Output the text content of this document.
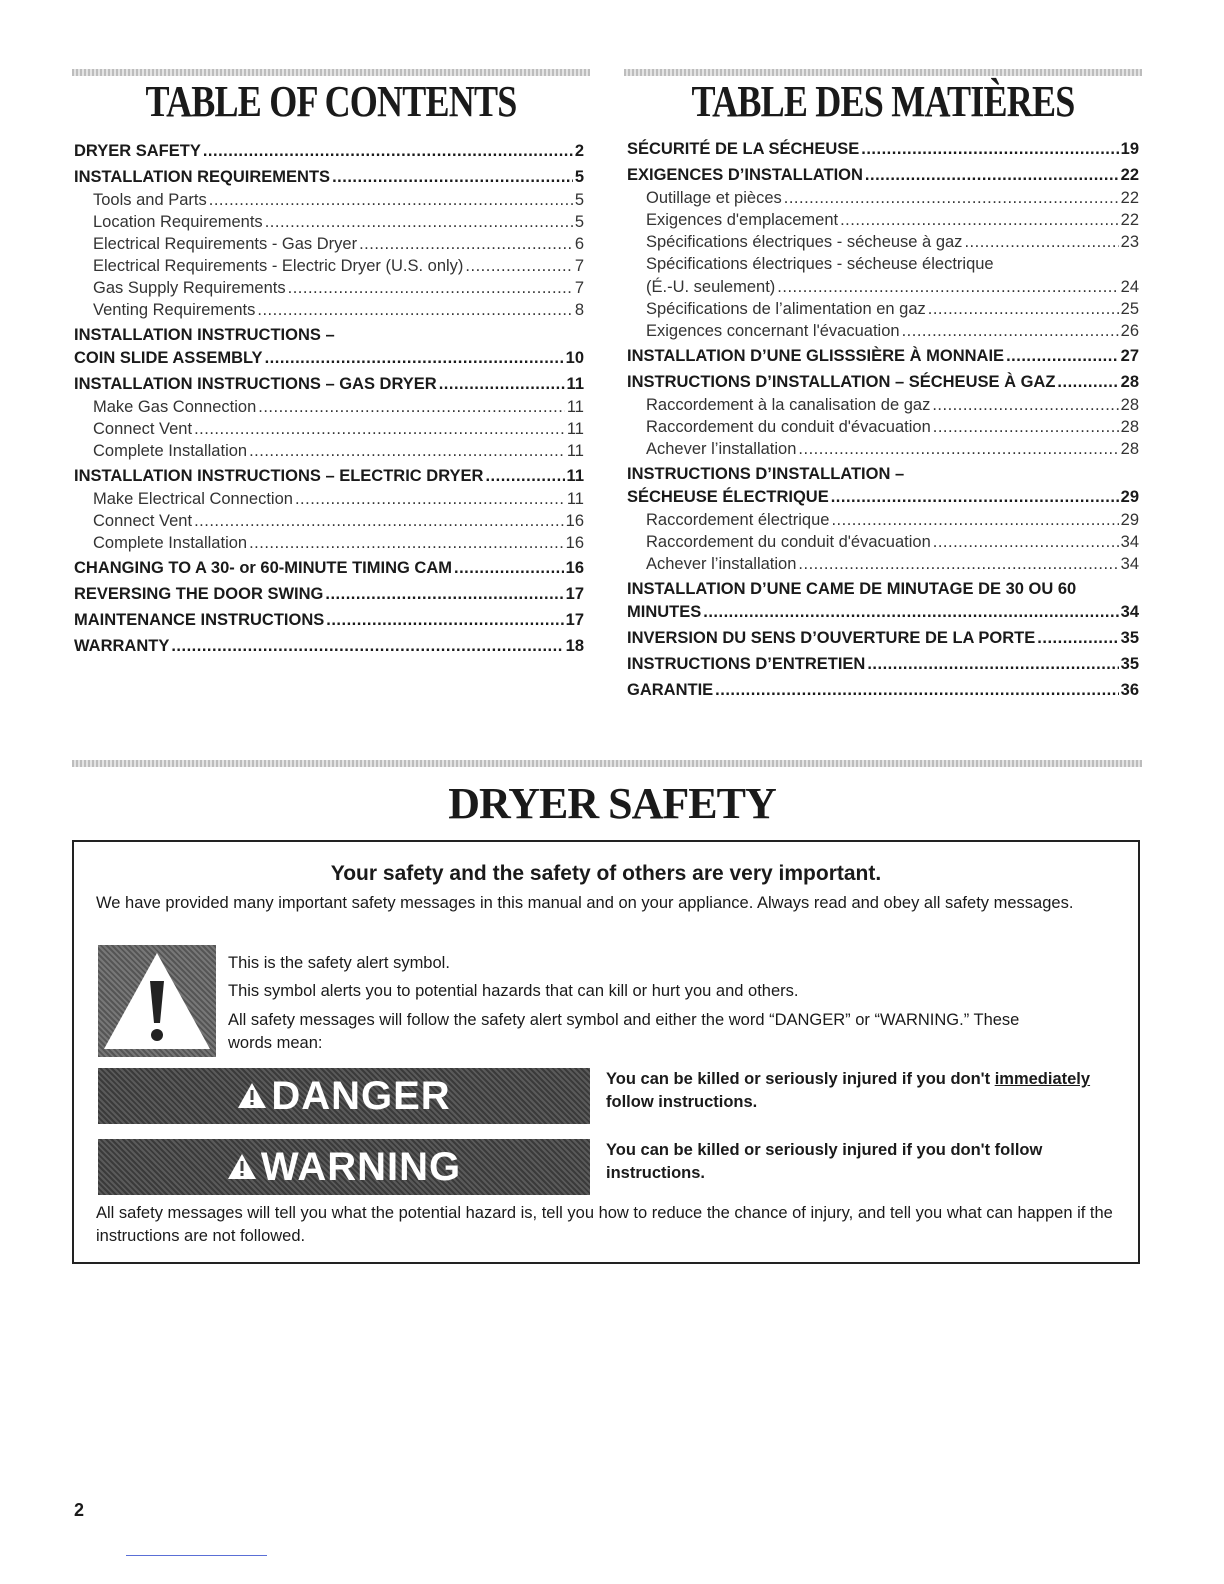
TABLE OF CONTENTS	TABLE DES MATIÈRES
DRYER SAFETY .....	2
INSTALLATION REQUIREMENTS .....	5
Tools and Parts .....	5
Location Requirements .....	5
Electrical Requirements - Gas Dryer .....	6
Electrical Requirements - Electric Dryer (U.S. only) .....	7
Gas Supply Requirements .....	7
Venting Requirements .....	8
INSTALLATION INSTRUCTIONS –
COIN SLIDE ASSEMBLY .....	10
INSTALLATION INSTRUCTIONS – GAS DRYER .....	11
Make Gas Connection .....	11
Connect Vent .....	11
Complete Installation .....	11
INSTALLATION INSTRUCTIONS – ELECTRIC DRYER .....	11
Make Electrical Connection .....	11
Connect Vent .....	16
Complete Installation .....	16
CHANGING TO A 30- or 60-MINUTE TIMING CAM .....	16
REVERSING THE DOOR SWING .....	17
MAINTENANCE INSTRUCTIONS .....	17
WARRANTY .....	18
SÉCURITÉ DE LA SÉCHEUSE .....	19
EXIGENCES D’INSTALLATION .....	22
Outillage et pièces .....	22
Exigences d'emplacement .....	22
Spécifications électriques - sécheuse à gaz .....	23
Spécifications électriques - sécheuse électrique
(É.-U. seulement) .....	24
Spécifications de l’alimentation en gaz .....	25
Exigences concernant l'évacuation .....	26
INSTALLATION D’UNE GLISSSIÈRE À MONNAIE .....	27
INSTRUCTIONS D’INSTALLATION – SÉCHEUSE À GAZ .....	28
Raccordement à la canalisation de gaz .....	28
Raccordement du conduit d'évacuation .....	28
Achever l’installation .....	28
INSTRUCTIONS D’INSTALLATION –
SÉCHEUSE ÉLECTRIQUE .....	29
Raccordement électrique .....	29
Raccordement du conduit d'évacuation .....	34
Achever l’installation .....	34
INSTALLATION D’UNE CAME DE MINUTAGE DE 30 OU 60
MINUTES .....	34
INVERSION DU SENS D’OUVERTURE DE LA PORTE .....	35
INSTRUCTIONS D’ENTRETIEN .....	35
GARANTIE .....	36
DRYER SAFETY
Your safety and the safety of others are very important.
We have provided many important safety messages in this manual and on your appliance. Always read and obey all safety messages.
This is the safety alert symbol.
This symbol alerts you to potential hazards that can kill or hurt you and others.
All safety messages will follow the safety alert symbol and either the word “DANGER” or “WARNING.” These words mean:
DANGER	You can be killed or seriously injured if you don't immediately follow instructions.
WARNING	You can be killed or seriously injured if you don't follow instructions.
All safety messages will tell you what the potential hazard is, tell you how to reduce the chance of injury, and tell you what can happen if the instructions are not followed.
2
